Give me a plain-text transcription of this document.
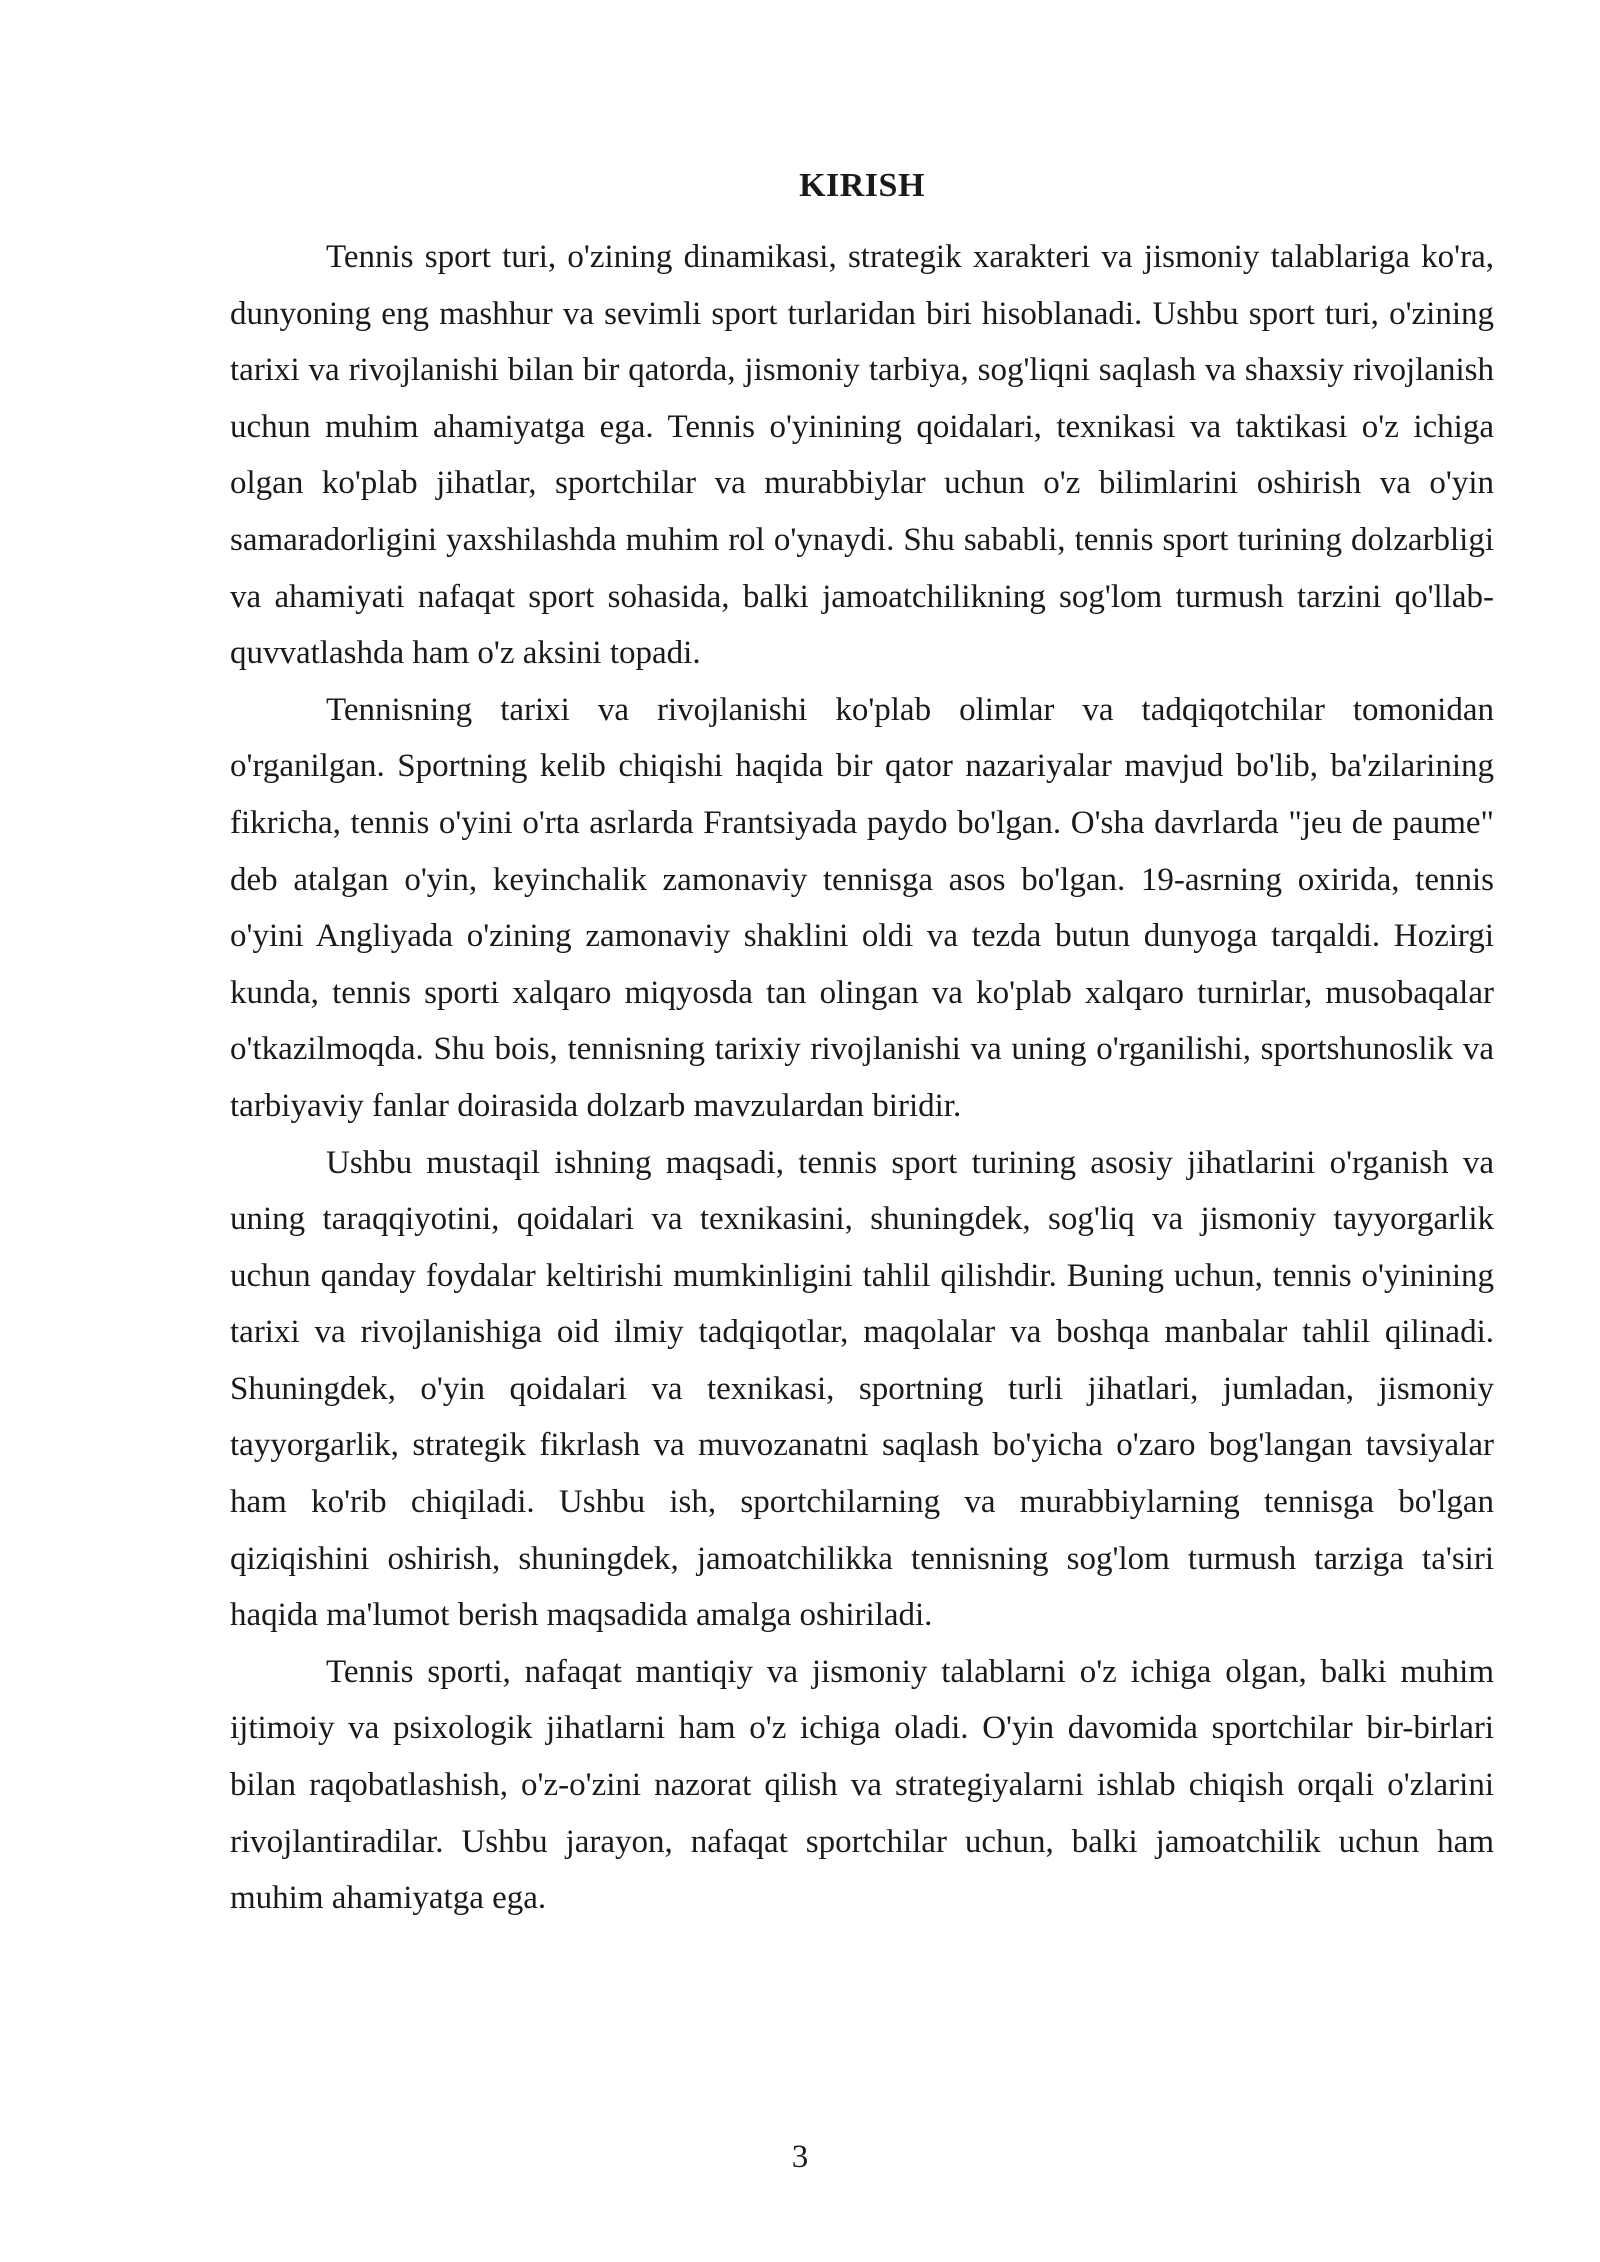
KIRISH

Tennis sport turi, o'zining dinamikasi, strategik xarakteri va jismoniy talablariga ko'ra, dunyoning eng mashhur va sevimli sport turlaridan biri hisoblanadi. Ushbu sport turi, o'zining tarixi va rivojlanishi bilan bir qatorda, jismoniy tarbiya, sog'liqni saqlash va shaxsiy rivojlanish uchun muhim ahamiyatga ega. Tennis o'yinining qoidalari, texnikasi va taktikasi o'z ichiga olgan ko'plab jihatlar, sportchilar va murabbiylar uchun o'z bilimlarini oshirish va o'yin samaradorligini yaxshilashda muhim rol o'ynaydi. Shu sababli, tennis sport turining dolzarbligi va ahamiyati nafaqat sport sohasida, balki jamoatchilikning sog'lom turmush tarzini qo'llab-quvvatlashda ham o'z aksini topadi.

Tennisning tarixi va rivojlanishi ko'plab olimlar va tadqiqotchilar tomonidan o'rganilgan. Sportning kelib chiqishi haqida bir qator nazariyalar mavjud bo'lib, ba'zilarining fikricha, tennis o'yini o'rta asrlarda Frantsiyada paydo bo'lgan. O'sha davrlarda "jeu de paume" deb atalgan o'yin, keyinchalik zamonaviy tennisga asos bo'lgan. 19-asrning oxirida, tennis o'yini Angliyada o'zining zamonaviy shaklini oldi va tezda butun dunyoga tarqaldi. Hozirgi kunda, tennis sporti xalqaro miqyosda tan olingan va ko'plab xalqaro turnirlar, musobaqalar o'tkazilmoqda. Shu bois, tennisning tarixiy rivojlanishi va uning o'rganilishi, sportshunoslik va tarbiyaviy fanlar doirasida dolzarb mavzulardan biridir.

Ushbu mustaqil ishning maqsadi, tennis sport turining asosiy jihatlarini o'rganish va uning taraqqiyotini, qoidalari va texnikasini, shuningdek, sog'liq va jismoniy tayyorgarlik uchun qanday foydalar keltirishi mumkinligini tahlil qilishdir. Buning uchun, tennis o'yinining tarixi va rivojlanishiga oid ilmiy tadqiqotlar, maqolalar va boshqa manbalar tahlil qilinadi. Shuningdek, o'yin qoidalari va texnikasi, sportning turli jihatlari, jumladan, jismoniy tayyorgarlik, strategik fikrlash va muvozanatni saqlash bo'yicha o'zaro bog'langan tavsiyalar ham ko'rib chiqiladi. Ushbu ish, sportchilarning va murabbiylarning tennisga bo'lgan qiziqishini oshirish, shuningdek, jamoatchilikka tennisning sog'lom turmush tarziga ta'siri haqida ma'lumot berish maqsadida amalga oshiriladi.

Tennis sporti, nafaqat mantiqiy va jismoniy talablarni o'z ichiga olgan, balki muhim ijtimoiy va psixologik jihatlarni ham o'z ichiga oladi. O'yin davomida sportchilar bir-birlari bilan raqobatlashish, o'z-o'zini nazorat qilish va strategiyalarni ishlab chiqish orqali o'zlarini rivojlantiradilar. Ushbu jarayon, nafaqat sportchilar uchun, balki jamoatchilik uchun ham muhim ahamiyatga ega.

3
